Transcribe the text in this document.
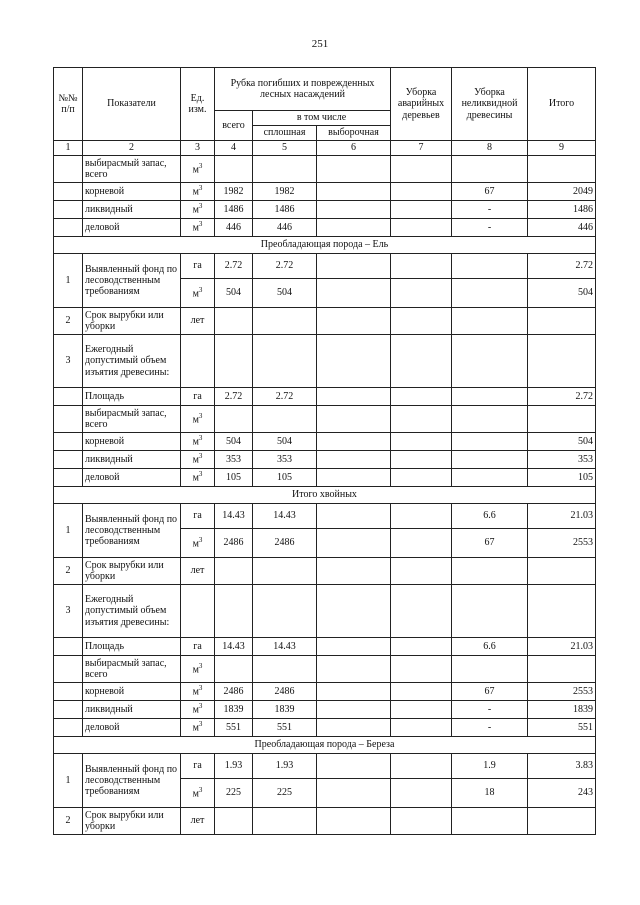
251
№№ п/п	Показатели	Ед. изм.	Рубка погибших и поврежденных лесных насаждений			Уборка аварийных деревьев	Уборка неликвидной древесины	Итого
			всего	в том числе				
				сплошная	выборочная			
1	2	3	4	5	6	7	8	9
	выбирасмый запас, всего	$м^3$						
	корневой	$м^3$	1982	1982			67	2049
	ликвидный	$м^3$	1486	1486			-	1486
	деловой	$м^3$	446	446			-	446
Преобладающая порода – Ель								
1	Выявленный фонд по лесоводственным требованиям	га	2.72	2.72				2.72
		$м^3$	504	504				504
2	Срок вырубки или уборки	лет						
3	Ежегодный допустимый объем изъятия древесины:							
	Площадь	га	2.72	2.72				2.72
	выбирасмый запас, всего	$м^3$						
	корневой	$м^3$	504	504				504
	ликвидный	$м^3$	353	353				353
	деловой	$м^3$	105	105				105
Итого хвойных								
1	Выявленный фонд по лесоводственным требованиям	га	14.43	14.43			6.6	21.03
		$м^3$	2486	2486			67	2553
2	Срок вырубки или уборки	лет						
3	Ежегодный допустимый объем изъятия древесины:							
	Площадь	га	14.43	14.43			6.6	21.03
	выбирасмый запас, всего	$м^3$						
	корневой	$м^3$	2486	2486			67	2553
	ликвидный	$м^3$	1839	1839			-	1839
	деловой	$м^3$	551	551			-	551
Преобладающая порода – Береза								
1	Выявленный фонд по лесоводственным требованиям	га	1.93	1.93			1.9	3.83
		$м^3$	225	225			18	243
2	Срок вырубки или уборки	лет						
